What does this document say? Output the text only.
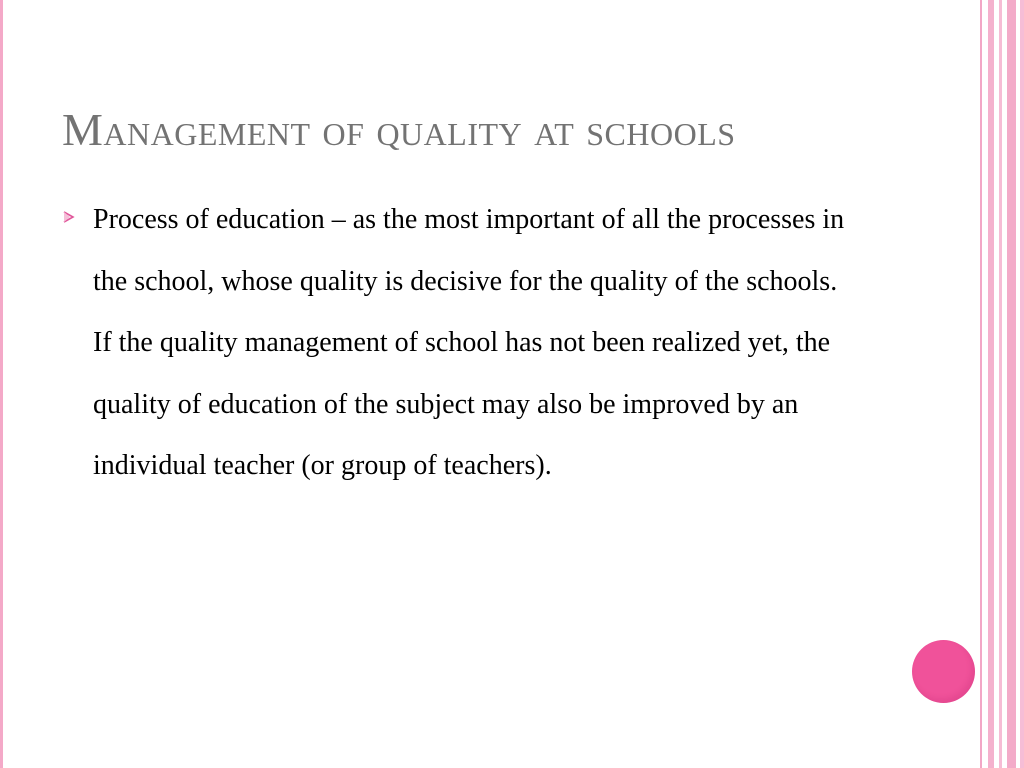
Management of quality at schools
Process of education – as the most important of all the processes in the school, whose quality is decisive for the quality of the schools. If the quality management of school has not been realized yet, the quality of education of the subject may also be improved by an individual teacher (or group of teachers).
